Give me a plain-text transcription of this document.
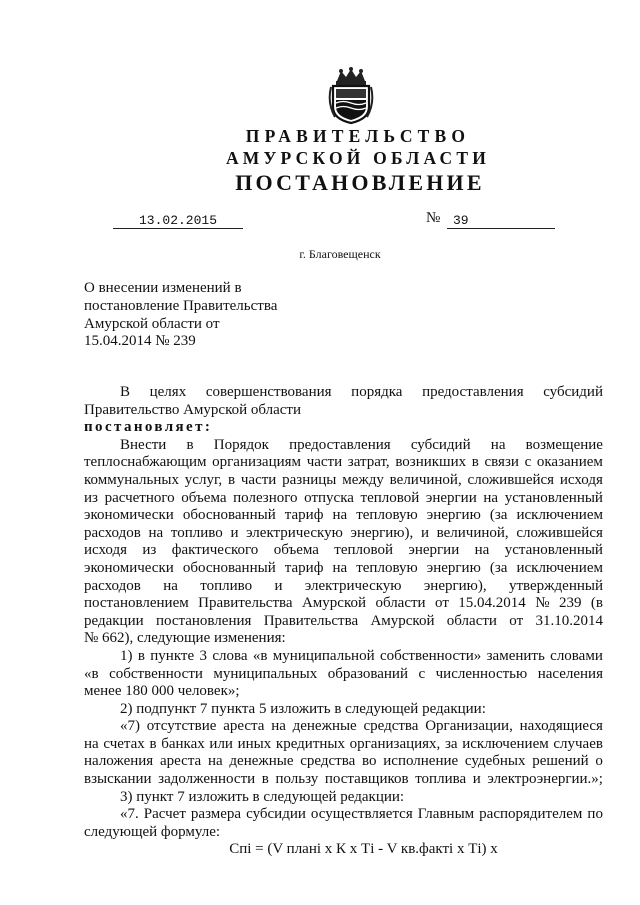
ПРАВИТЕЛЬСТВО
АМУРСКОЙ ОБЛАСТИ
ПОСТАНОВЛЕНИЕ
13.02.2015	№ 39
г. Благовещенск
О внесении изменений в
постановление Правительства
Амурской области от
15.04.2014 № 239
В целях совершенствования порядка предоставления субсидий
Правительство Амурской области
постановляет:
Внести в Порядок предоставления субсидий на возмещение
теплоснабжающим организациям части затрат, возникших в связи с оказанием
коммунальных услуг, в части разницы между величиной, сложившейся исходя
из расчетного объема полезного отпуска тепловой энергии на установленный
экономически обоснованный тариф на тепловую энергию (за исключением
расходов на топливо и электрическую энергию), и величиной, сложившейся
исходя из фактического объема тепловой энергии на установленный
экономически обоснованный тариф на тепловую энергию (за исключением
расходов на топливо и электрическую энергию), утвержденный
постановлением Правительства Амурской области от 15.04.2014 № 239 (в
редакции постановления Правительства Амурской области от 31.10.2014
№ 662), следующие изменения:
1) в пункте 3 слова «в муниципальной собственности» заменить словами
«в собственности муниципальных образований с численностью населения
менее 180 000 человек»;
2) подпункт 7 пункта 5 изложить в следующей редакции:
«7) отсутствие ареста на денежные средства Организации, находящиеся
на счетах в банках или иных кредитных организациях, за исключением случаев
наложения ареста на денежные средства во исполнение судебных решений о
взыскании задолженности в пользу поставщиков топлива и электроэнергии.»;
3) пункт 7 изложить в следующей редакции:
«7. Расчет размера субсидии осуществляется Главным распорядителем по
следующей формуле:
Спi = (V планi х К х Тi - V кв.фактi х Тi) х
